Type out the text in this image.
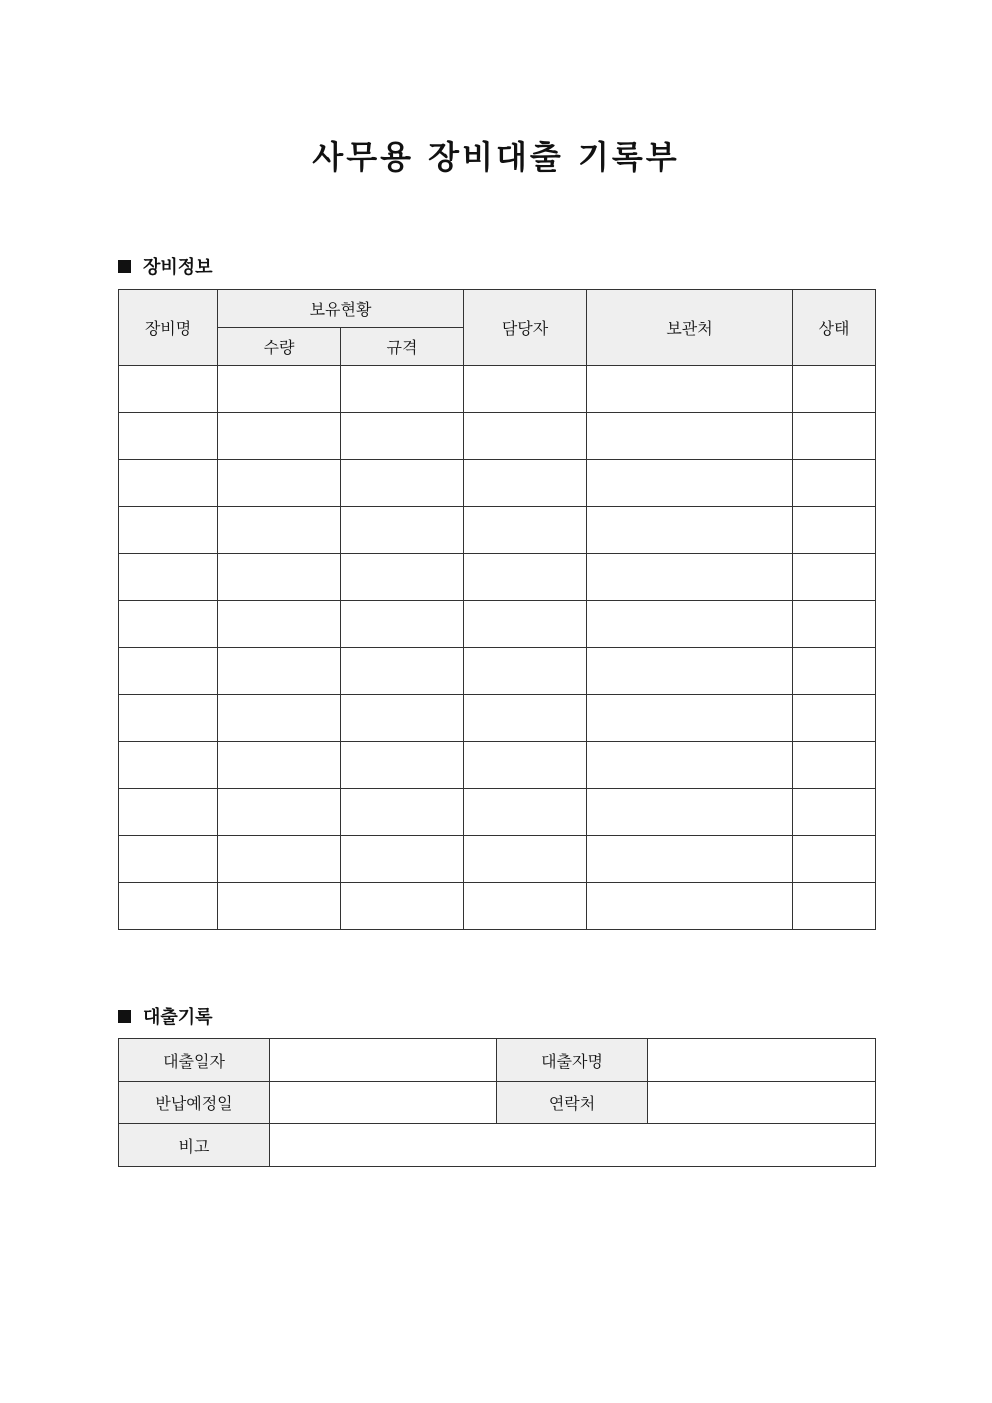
사무용 장비대출 기록부
장비정보
장비명	보유현황		담당자	보관처	상태
	수량	규격			

대출기록
대출일자		대출자명	
반납예정일		연락처	
비고			
